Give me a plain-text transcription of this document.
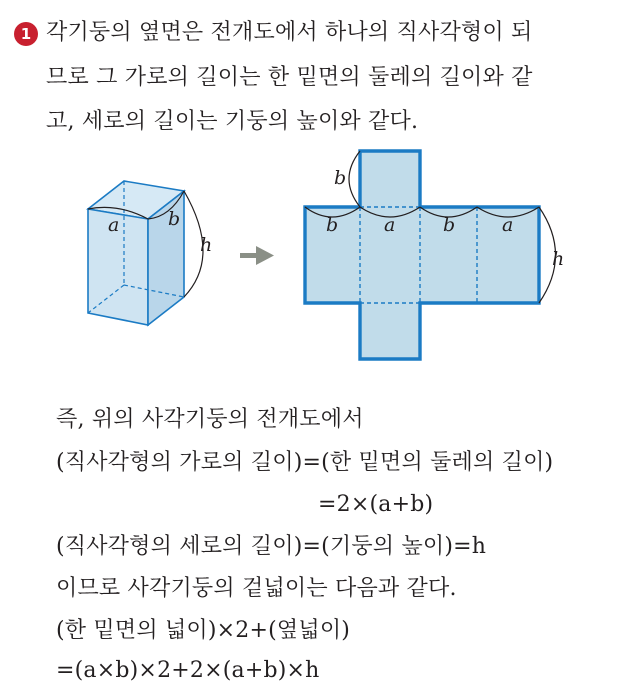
1 각기둥의 옆면은 전개도에서 하나의 직사각형이 되
므로 그 가로의 길이는 한 밑면의 둘레의 길이와 같
고, 세로의 길이는 기둥의 높이와 같다.
a	b
h
b
b a	b a
h
즉, 위의 사각기둥의 전개도에서
(직사각형의 가로의 길이)=(한 밑면의 둘레의 길이)
=2×(a+b)
(직사각형의 세로의 길이)=(기둥의 높이)=h
이므로 사각기둥의 겉넓이는 다음과 같다.
(한 밑면의 넓이)×2+(옆넓이)
=(a×b)×2+2×(a+b)×h
